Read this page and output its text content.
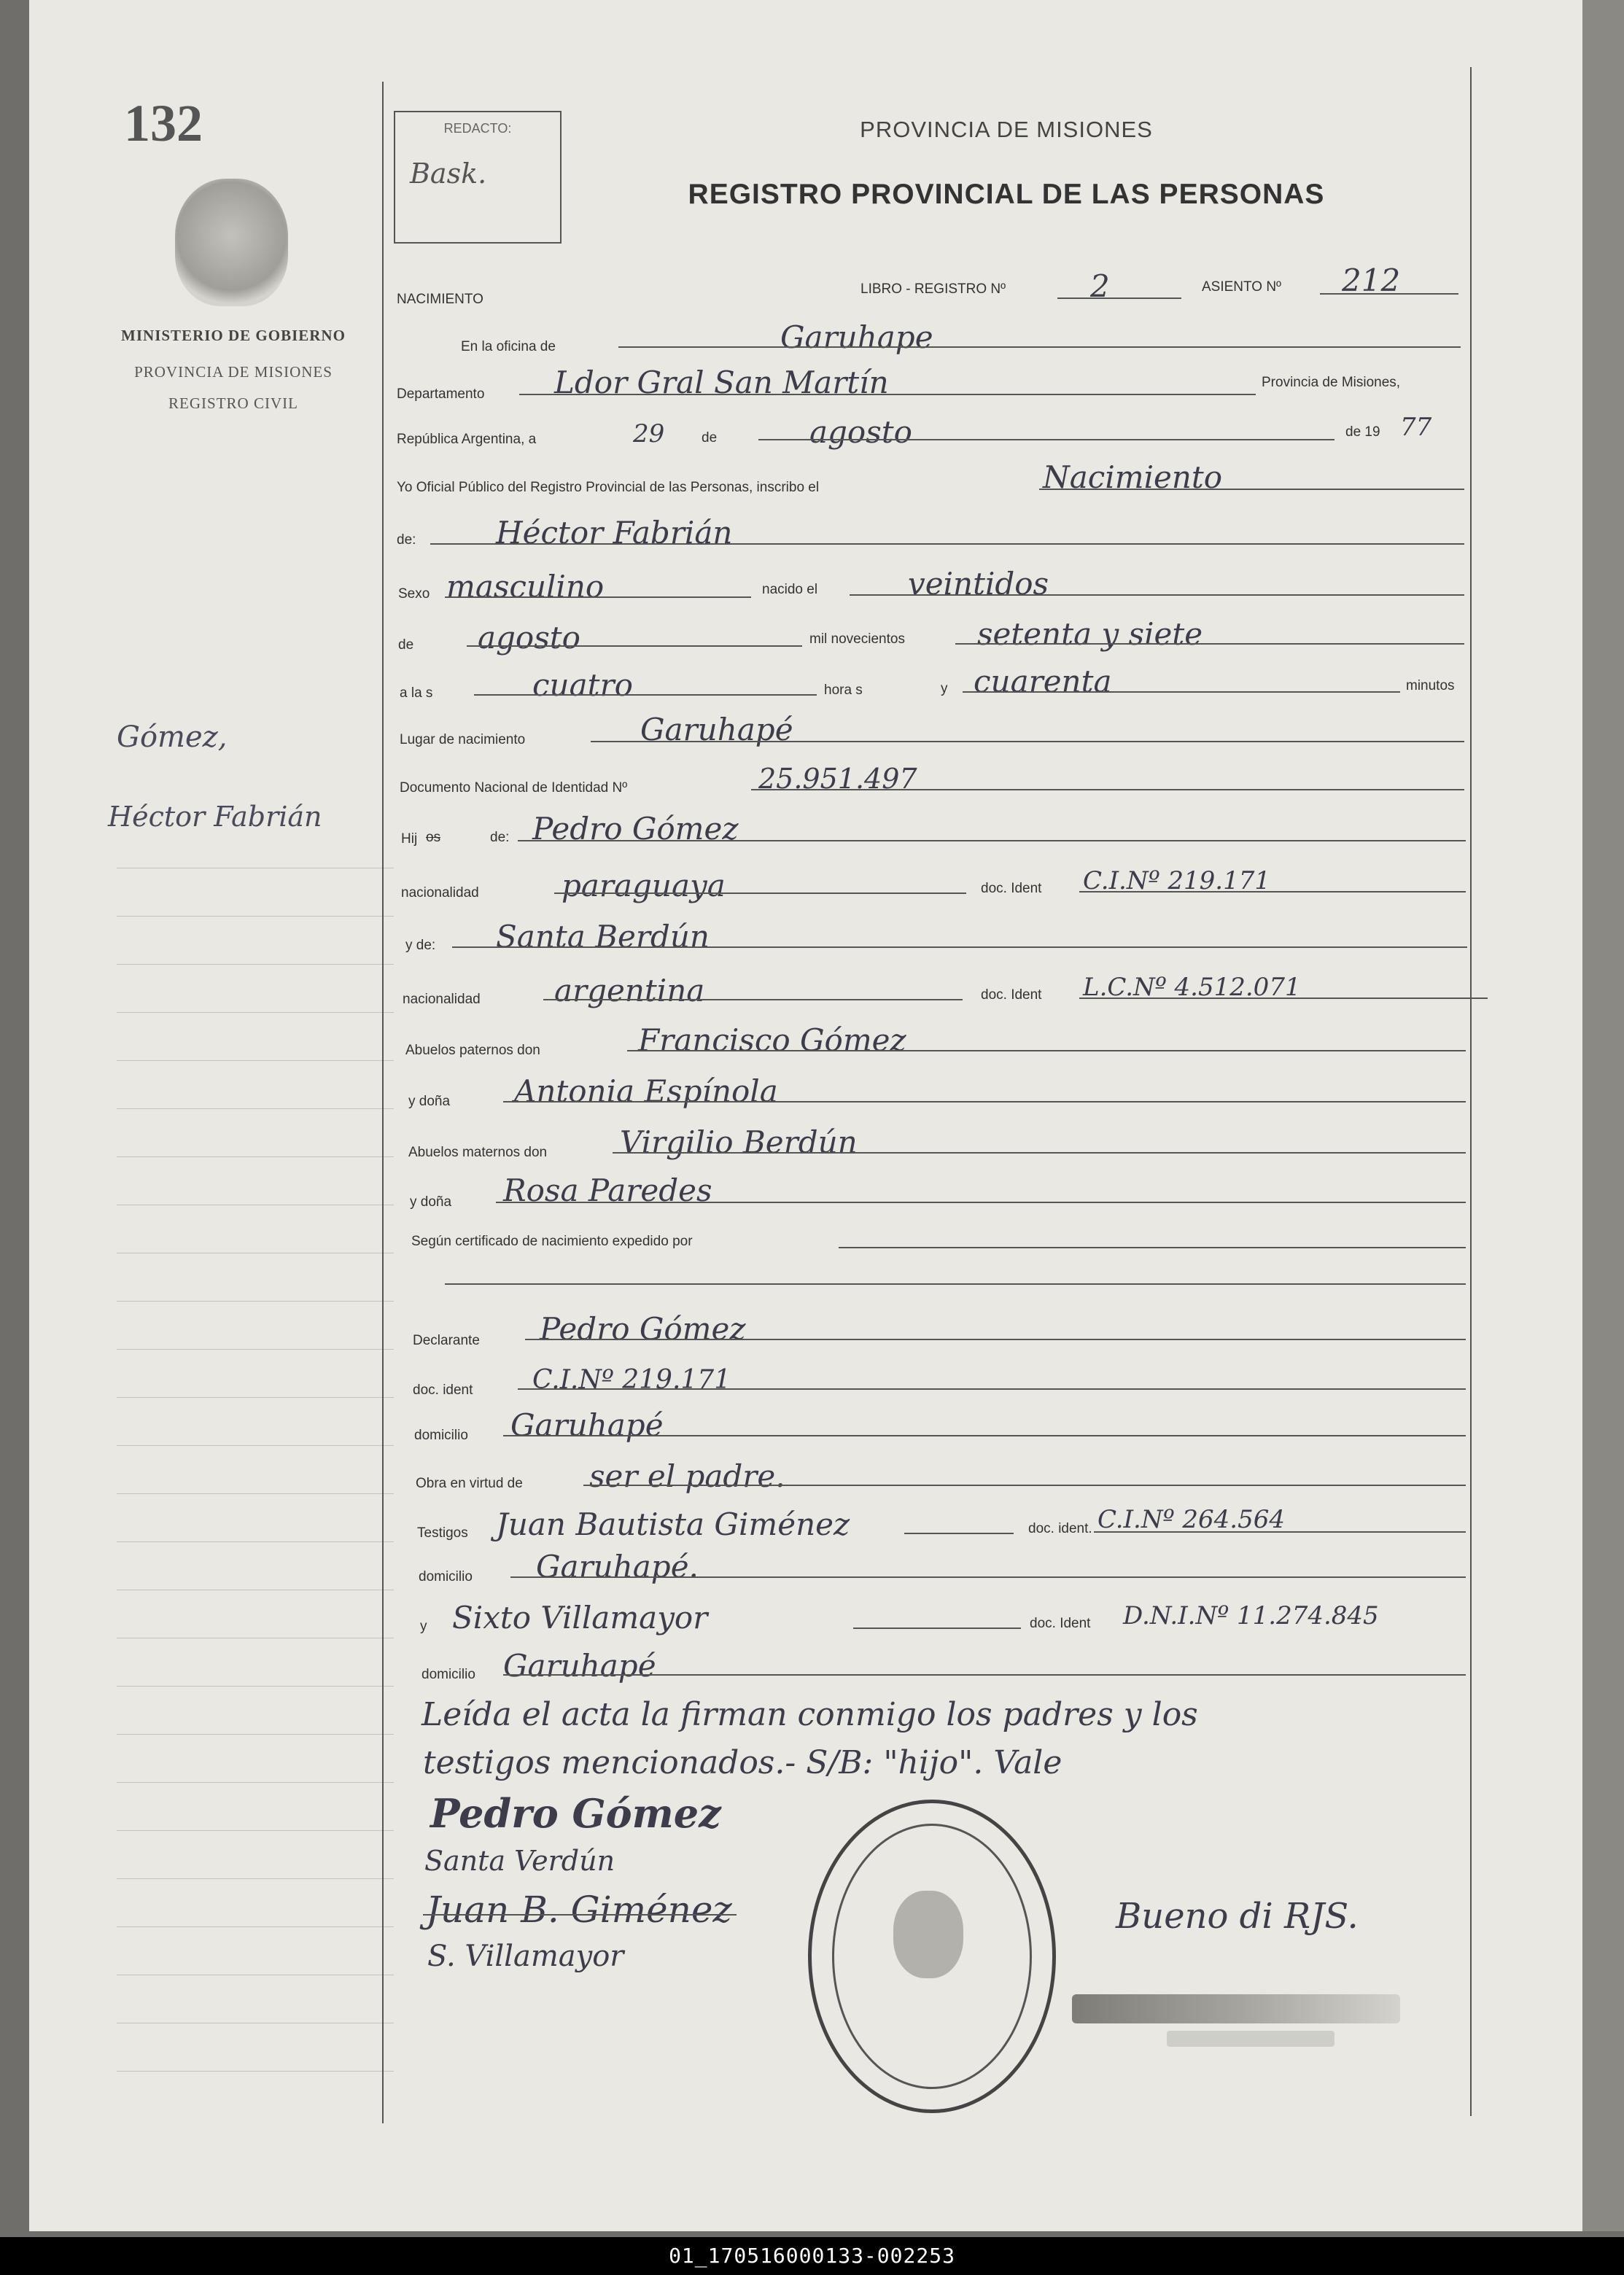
132
MINISTERIO DE GOBIERNO
PROVINCIA DE MISIONES
REGISTRO CIVIL
Gómez,
Héctor Fabrián
REDACTO:
Bask.
PROVINCIA DE MISIONES
REGISTRO PROVINCIAL DE LAS PERSONAS
NACIMIENTO
LIBRO - REGISTRO Nº	2	ASIENTO Nº 212
En la oficina de	Garuhape
Departamento Ldor Gral San Martín	Provincia de Misiones,
República Argentina, a	29	de	agosto	de 19 77
Yo Oficial Público del Registro Provincial de las Personas, inscribo el	Nacimiento
de:	Héctor Fabrián
Sexo masculino	nacido el	veintidos
de agosto	mil novecientos setenta y siete
a la s	cuatro	hora s	y cuarenta	minutos
Lugar de nacimiento	Garuhapé
Documento Nacional de Identidad Nº	25.951.497
Hij os	de: Pedro Gómez
nacionalidad	paraguaya	doc. Ident C.I.Nº 219.171
y de: Santa Berdún
nacionalidad argentina	doc. Ident L.C.Nº 4.512.071
Abuelos paternos don	Francisco Gómez
y doña Antonia Espínola
Abuelos maternos don Virgilio Berdún
y doña Rosa Paredes
Según certificado de nacimiento expedido por
Declarante Pedro Gómez
doc. ident C.I.Nº 219.171
domicilio Garuhapé
Obra en virtud de ser el padre.
Testigos Juan Bautista Giménez	doc. ident. C.I.Nº 264.564
domicilio Garuhapé.
y Sixto Villamayor	doc. Ident D.N.I.Nº 11.274.845
domicilio Garuhapé
Leída el acta la firman conmigo los padres y los
testigos mencionados.- S/B: "hijo". Vale
Pedro Gómez
Santa Verdún
Juan B. Giménez
S. Villamayor
Bueno di RJS.
01_170516000133-002253
